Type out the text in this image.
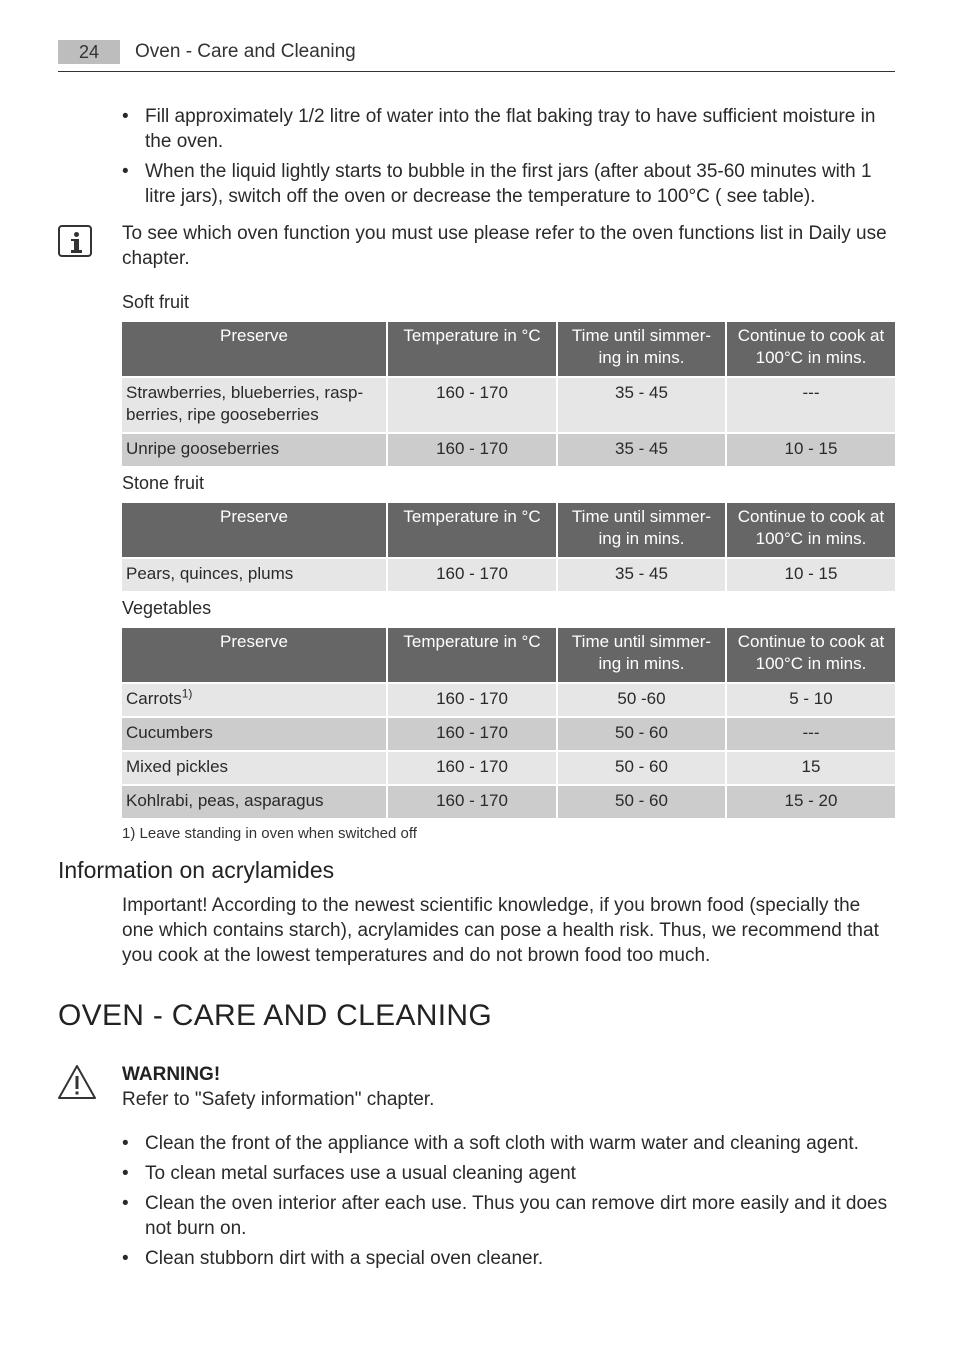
24	Oven - Care and Cleaning
• Fill approximately 1/2 litre of water into the flat baking tray to have sufficient moisture in the oven.
• When the liquid lightly starts to bubble in the first jars (after about 35-60 minutes with 1 litre jars), switch off the oven or decrease the temperature to 100°C ( see table).
To see which oven function you must use please refer to the oven functions list in Daily use chapter.
Soft fruit
Preserve	Temperature in °C	Time until simmer-ing in mins.	Continue to cook at 100°C in mins.
Strawberries, blueberries, rasp-berries, ripe gooseberries	160 - 170	35 - 45	---
Unripe gooseberries	160 - 170	35 - 45	10 - 15
Stone fruit
Preserve	Temperature in °C	Time until simmer-ing in mins.	Continue to cook at 100°C in mins.
Pears, quinces, plums	160 - 170	35 - 45	10 - 15
Vegetables
Preserve	Temperature in °C	Time until simmer-ing in mins.	Continue to cook at 100°C in mins.
Carrots$^{1)}$	160 - 170	50 -60	5 - 10
Cucumbers	160 - 170	50 - 60	---
Mixed pickles	160 - 170	50 - 60	15
Kohlrabi, peas, asparagus	160 - 170	50 - 60	15 - 20
1) Leave standing in oven when switched off
Information on acrylamides
Important! According to the newest scientific knowledge, if you brown food (specially the one which contains starch), acrylamides can pose a health risk. Thus, we recommend that you cook at the lowest temperatures and do not brown food too much.
OVEN - CARE AND CLEANING
WARNING!
Refer to "Safety information" chapter.
• Clean the front of the appliance with a soft cloth with warm water and cleaning agent.
• To clean metal surfaces use a usual cleaning agent
• Clean the oven interior after each use. Thus you can remove dirt more easily and it does not burn on.
• Clean stubborn dirt with a special oven cleaner.
